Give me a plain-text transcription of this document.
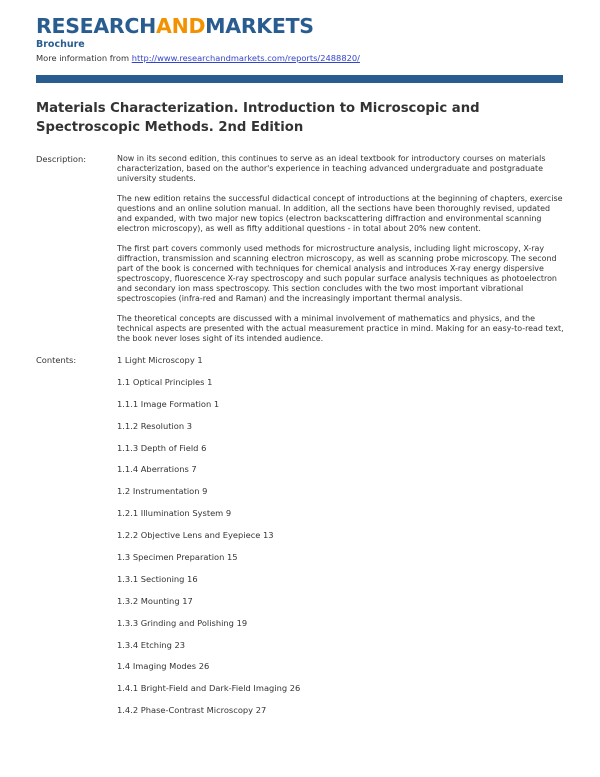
RESEARCHANDMARKETS
Brochure
More information from http://www.researchandmarkets.com/reports/2488820/
Materials Characterization. Introduction to Microscopic and Spectroscopic Methods. 2nd Edition
Description:	Now in its second edition, this continues to serve as an ideal textbook for introductory courses on materials characterization, based on the author's experience in teaching advanced undergraduate and postgraduate university students.

The new edition retains the successful didactical concept of introductions at the beginning of chapters, exercise questions and an online solution manual. In addition, all the sections have been thoroughly revised, updated and expanded, with two major new topics (electron backscattering diffraction and environmental scanning electron microscopy), as well as fifty additional questions - in total about 20% new content.

The first part covers commonly used methods for microstructure analysis, including light microscopy, X-ray diffraction, transmission and scanning electron microscopy, as well as scanning probe microscopy. The second part of the book is concerned with techniques for chemical analysis and introduces X-ray energy dispersive spectroscopy, fluorescence X-ray spectroscopy and such popular surface analysis techniques as photoelectron and secondary ion mass spectroscopy. This section concludes with the two most important vibrational spectroscopies (infra-red and Raman) and the increasingly important thermal analysis.

The theoretical concepts are discussed with a minimal involvement of mathematics and physics, and the technical aspects are presented with the actual measurement practice in mind. Making for an easy-to-read text, the book never loses sight of its intended audience.

Contents:	1 Light Microscopy 1
1.1 Optical Principles 1
1.1.1 Image Formation 1
1.1.2 Resolution 3
1.1.3 Depth of Field 6
1.1.4 Aberrations 7
1.2 Instrumentation 9
1.2.1 Illumination System 9
1.2.2 Objective Lens and Eyepiece 13
1.3 Specimen Preparation 15
1.3.1 Sectioning 16
1.3.2 Mounting 17
1.3.3 Grinding and Polishing 19
1.3.4 Etching 23
1.4 Imaging Modes 26
1.4.1 Bright-Field and Dark-Field Imaging 26
1.4.2 Phase-Contrast Microscopy 27
